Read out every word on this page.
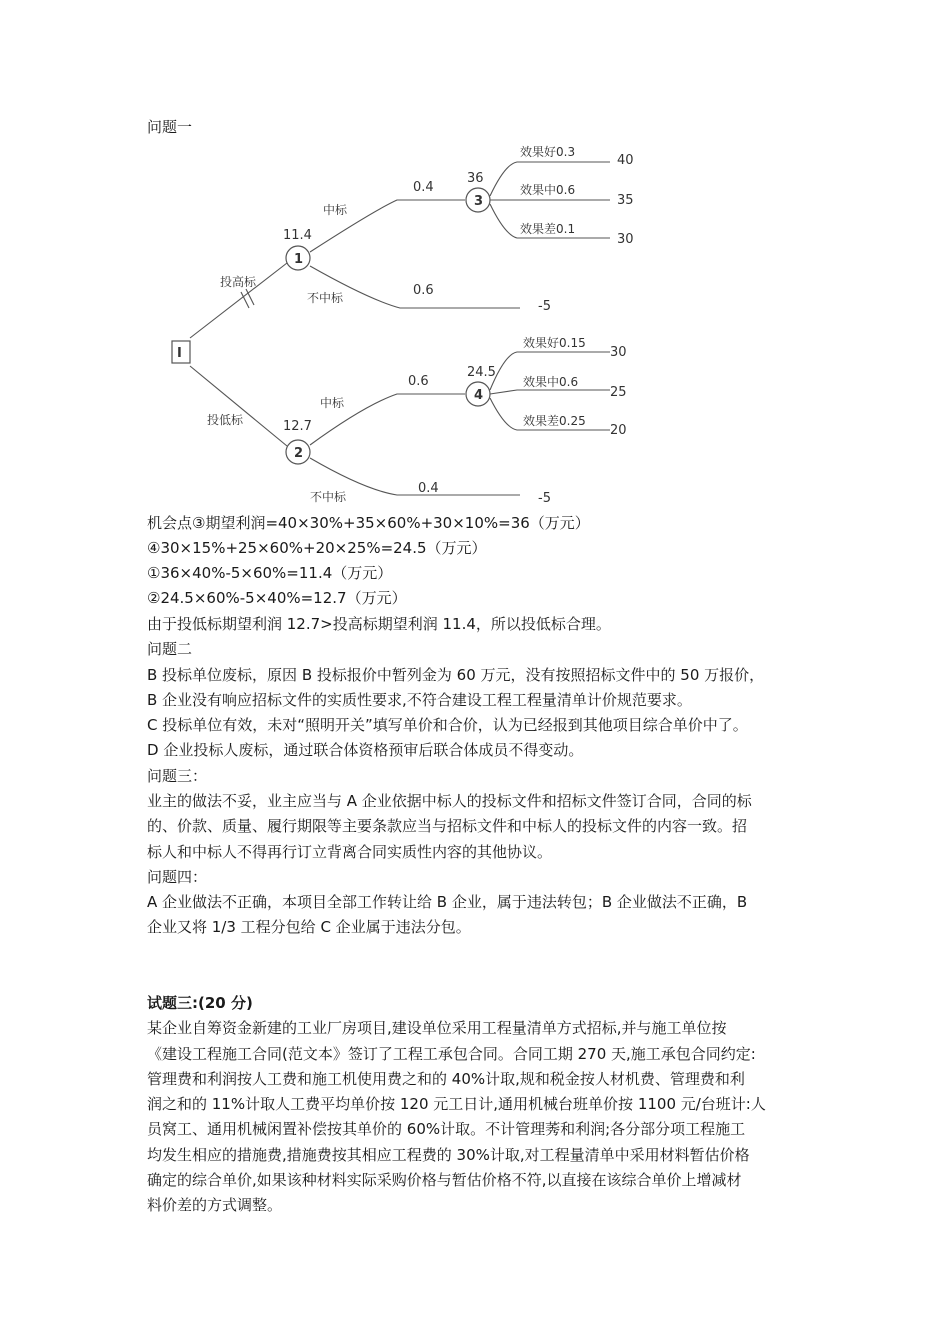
问题一
Ⅰ
1
2
3
4
投高标
11.4
中标
0.4
不中标	0.6
-5
36
效果好0.3
40
效果中0.6
35
效果差0.1
30
投低标	12.7
中标
0.6
不中标
0.4
-5
24.5
效果好0.15
30
效果中0.6
25
效果差0.25
20
机会点③期望利润=40×30%+35×60%+30×10%=36（万元）
④30×15%+25×60%+20×25%=24.5（万元）
①36×40%-5×60%=11.4（万元）
②24.5×60%-5×40%=12.7（万元）
由于投低标期望利润 12.7>投高标期望利润 11.4，所以投低标合理。
问题二
B 投标单位废标，原因 B 投标报价中暂列金为 60 万元，没有按照招标文件中的 50 万报价，
B 企业没有响应招标文件的实质性要求,不符合建设工程工程量清单计价规范要求。
C 投标单位有效，未对“照明开关”填写单价和合价，认为已经报到其他项目综合单价中了。
D 企业投标人废标，通过联合体资格预审后联合体成员不得变动。
问题三：
业主的做法不妥，业主应当与 A 企业依据中标人的投标文件和招标文件签订合同，合同的标
的、价款、质量、履行期限等主要条款应当与招标文件和中标人的投标文件的内容一致。招
标人和中标人不得再行订立背离合同实质性内容的其他协议。
问题四：
A 企业做法不正确，本项目全部工作转让给 B 企业，属于违法转包；B 企业做法不正确，B
企业又将 1/3 工程分包给 C 企业属于违法分包。
试题三:(20 分)
某企业自筹资金新建的工业厂房项目,建设单位采用工程量清单方式招标,并与施工单位按
《建设工程施工合同(范文本》签订了工程工承包合同。合同工期 270 天,施工承包合同约定:
管理费和利润按人工费和施工机使用费之和的 40%计取,规和税金按人材机费、管理费和利
润之和的 11%计取人工费平均单价按 120 元工日计,通用机械台班单价按 1100 元/台班计:人
员窝工、通用机械闲置补偿按其单价的 60%计取。不计管理莠和利润;各分部分项工程施工
均发生相应的措施费,措施费按其相应工程费的 30%计取,对工程量清单中采用材料暂估价格
确定的综合单价,如果该种材料实际采购价格与暂估价格不符,以直接在该综合单价上增减材
料价差的方式调整。
